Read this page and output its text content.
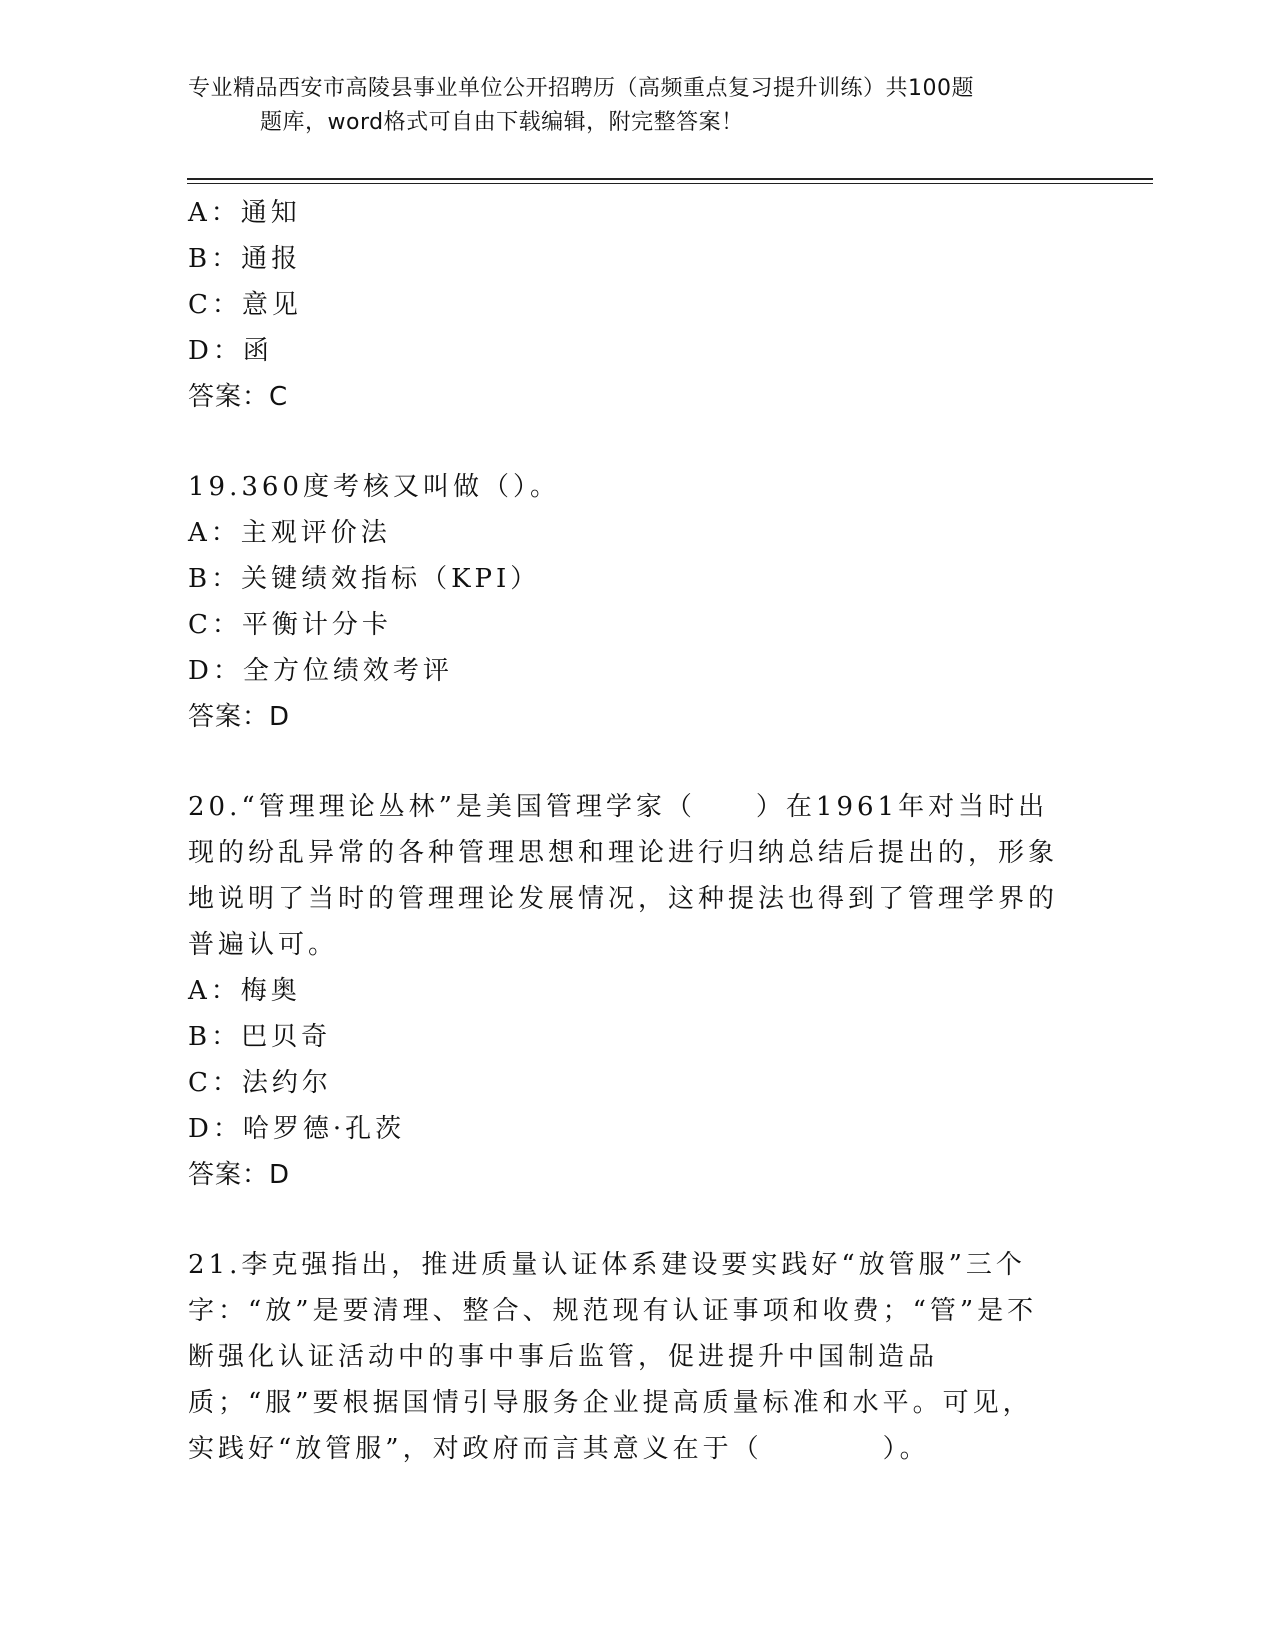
专业精品西安市高陵县事业单位公开招聘历（高频重点复习提升训练）共100题
题库，word格式可自由下载编辑，附完整答案！
A：通知
B：通报
C：意见
D：函
答案：C
19.360度考核又叫做（）。
A：主观评价法
B：关键绩效指标（KPI）
C：平衡计分卡
D：全方位绩效考评
答案：D
20.“管理理论丛林”是美国管理学家（　　）在1961年对当时出现的纷乱异常的各种管理思想和理论进行归纳总结后提出的，形象地说明了当时的管理理论发展情况，这种提法也得到了管理学界的普遍认可。
A：梅奥
B：巴贝奇
C：法约尔
D：哈罗德·孔茨
答案：D
21.李克强指出，推进质量认证体系建设要实践好“放管服”三个字：“放”是要清理、整合、规范现有认证事项和收费；“管”是不断强化认证活动中的事中事后监管，促进提升中国制造品质；“服”要根据国情引导服务企业提高质量标准和水平。可见，实践好“放管服”，对政府而言其意义在于（　　　　）。
